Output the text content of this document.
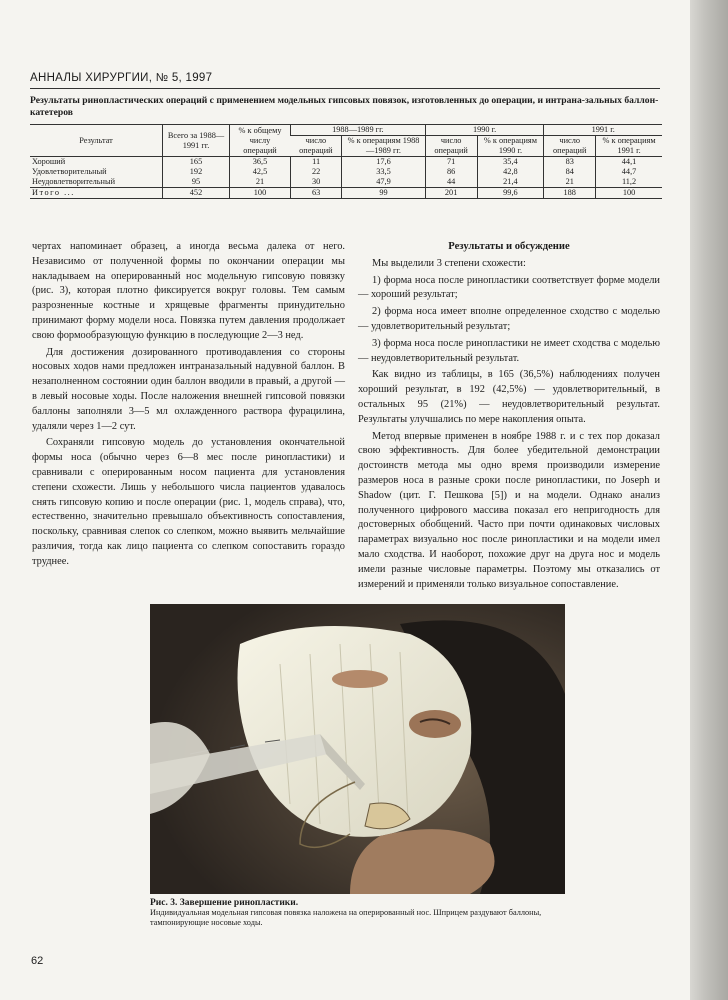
АННАЛЫ ХИРУРГИИ, № 5, 1997
Результаты ринопластических операций с применением модельных гипсовых повязок, изготовленных до операции, и интрана-зальных баллон-катетеров
Результат	Всего за 1988—1991 гг.	% к общему числу операций	1988—1989 гг.		1990 г.		1991 г.	
			число операций	% к операциям 1988—1989 гг.	число операций	% к операциям 1990 г.	число операций	% к операциям 1991 г.
Хороший	165	36,5	11	17,6	71	35,4	83	44,1
Удовлетворительный	192	42,5	22	33,5	86	42,8	84	44,7
Неудовлетворительный	95	21	30	47,9	44	21,4	21	11,2
Итого ...	452	100	63	99	201	99,6	188	100

чертах напоминает образец, а иногда весьма далека от него. Независимо от полученной формы по окончании операции мы накладываем на оперированный нос модельную гипсовую повязку (рис. 3), которая плотно фиксируется вокруг головы. Тем самым разрозненные костные и хрящевые фрагменты принудительно принимают форму модели носа. Повязка путем давления продолжает свою формообразующую функцию в последующие 2—3 нед.

Для достижения дозированного противодавления со стороны носовых ходов нами предложен интраназальный надувной баллон. В незаполненном состоянии один баллон вводили в правый, а другой — в левый носовые ходы. После наложения внешней гипсовой повязки баллоны заполняли 3—5 мл охлажденного раствора фурацилина, удаляли через 1—2 сут.

Сохраняли гипсовую модель до установления окончательной формы носа (обычно через 6—8 мес после ринопластики) и сравнивали с оперированным носом пациента для установления степени схожести. Лишь у небольшого числа пациентов удавалось снять гипсовую копию и после операции (рис. 1, модель справа), что, естественно, значительно превышало объективность сопоставления, поскольку, сравнивая слепок со слепком, можно выявить мельчайшие различия, тогда как лицо пациента со слепком сопоставить гораздо труднее.

Результаты и обсуждение

Мы выделили 3 степени схожести:

1) форма носа после ринопластики соответствует форме модели — хороший результат;

2) форма носа имеет вполне определенное сходство с моделью — удовлетворительный результат;

3) форма носа после ринопластики не имеет сходства с моделью — неудовлетворительный результат.

Как видно из таблицы, в 165 (36,5%) наблюдениях получен хороший результат, в 192 (42,5%) — удовлетворительный, в остальных 95 (21%) — неудовлетворительный результат. Результаты улучшались по мере накопления опыта.

Метод впервые применен в ноябре 1988 г. и с тех пор доказал свою эффективность. Для более убедительной демонстрации достоинств метода мы одно время производили измерение размеров носа в разные сроки после ринопластики, по Joseph и Shadow (цит. Г. Пешкова [5]) и на модели. Однако анализ полученного цифрового массива показал его непригодность для достоверных обобщений. Часто при почти одинаковых числовых параметрах визуально нос после ринопластики и на модели имел мало сходства. И наоборот, похожие друг на друга нос и модель имели разные числовые параметры. Поэтому мы отказались от измерений и применяли только визуальное сопоставление.

Рис. 3. Завершение ринопластики.
Индивидуальная модельная гипсовая повязка наложена на оперированный нос. Шприцем раздувают баллоны, тампонирующие носовые ходы.
62
